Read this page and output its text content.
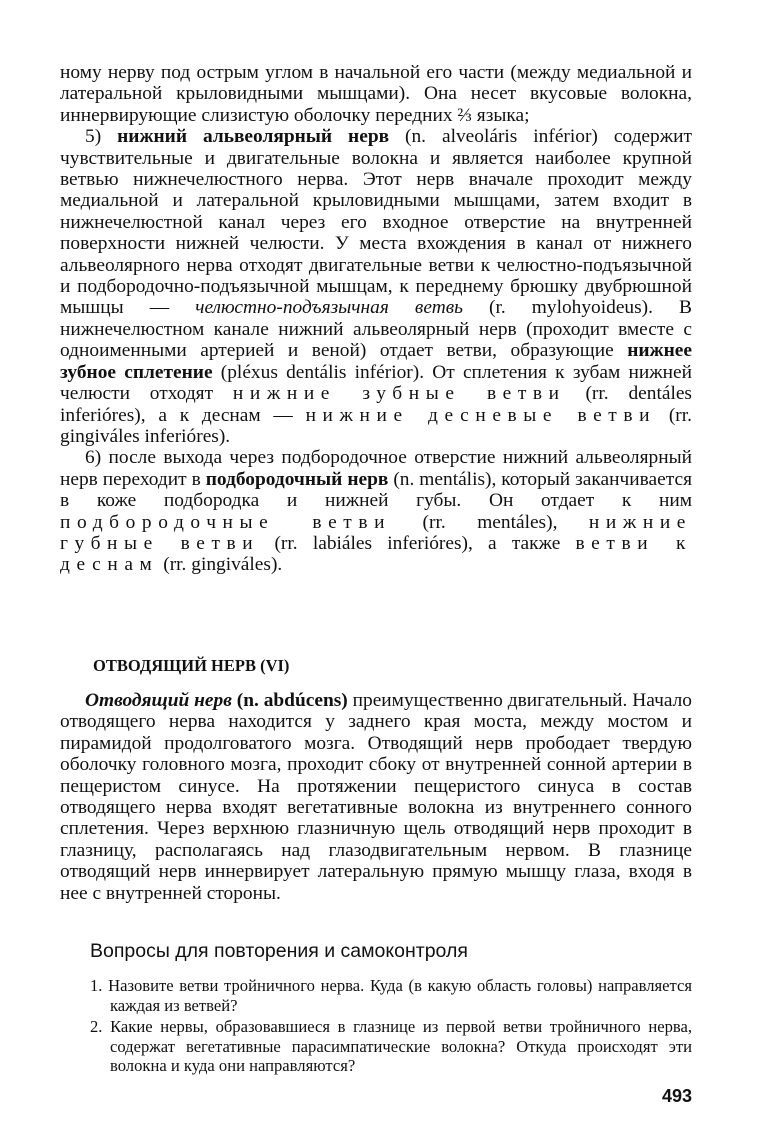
ному нерву под острым углом в начальной его части (между медиальной и латеральной крыловидными мышцами). Она несет вкусовые волокна, иннервирующие слизистую оболочку передних ⅔ языка;

5) нижний альвеолярный нерв (n. alveoláris inférior) содержит чувствительные и двигательные волокна и является наиболее крупной ветвью нижнечелюстного нерва. Этот нерв вначале проходит между медиальной и латеральной крыловидными мышцами, затем входит в нижнечелюстной канал через его входное отверстие на внутренней поверхности нижней челюсти. У места вхождения в канал от нижнего альвеолярного нерва отходят двигательные ветви к челюстно-подъязычной и подбородочно-подъязычной мышцам, к переднему брюшку двубрюшной мышцы — челюстно-подъязычная ветвь (r. mylohyoideus). В нижнечелюстном канале нижний альвеолярный нерв (проходит вместе с одноименными артерией и веной) отдает ветви, образующие нижнее зубное сплетение (pléxus dentális inférior). От сплетения к зубам нижней челюсти отходят нижние зубные ветви (rr. dentáles inferióres), а к деснам — нижние десневые ветви (rr. gingiváles inferióres).

6) после выхода через подбородочное отверстие нижний альвеолярный нерв переходит в подбородочный нерв (n. mentális), который заканчивается в коже подбородка и нижней губы. Он отдает к ним подбородочные ветви (rr. mentáles), нижние губные ветви (rr. labiáles inferióres), а также ветви к деснам (rr. gingiváles).

ОТВОДЯЩИЙ НЕРВ (VI)

Отводящий нерв (n. abdúcens) преимущественно двигательный. Начало отводящего нерва находится у заднего края моста, между мостом и пирамидой продолговатого мозга. Отводящий нерв прободает твердую оболочку головного мозга, проходит сбоку от внутренней сонной артерии в пещеристом синусе. На протяжении пещеристого синуса в состав отводящего нерва входят вегетативные волокна из внутреннего сонного сплетения. Через верхнюю глазничную щель отводящий нерв проходит в глазницу, располагаясь над глазодвигательным нервом. В глазнице отводящий нерв иннервирует латеральную прямую мышцу глаза, входя в нее с внутренней стороны.

Вопросы для повторения и самоконтроля
1. Назовите ветви тройничного нерва. Куда (в какую область головы) направляется каждая из ветвей?
2. Какие нервы, образовавшиеся в глазнице из первой ветви тройничного нерва, содержат вегетативные парасимпатические волокна? Откуда происходят эти волокна и куда они направляются?
493
